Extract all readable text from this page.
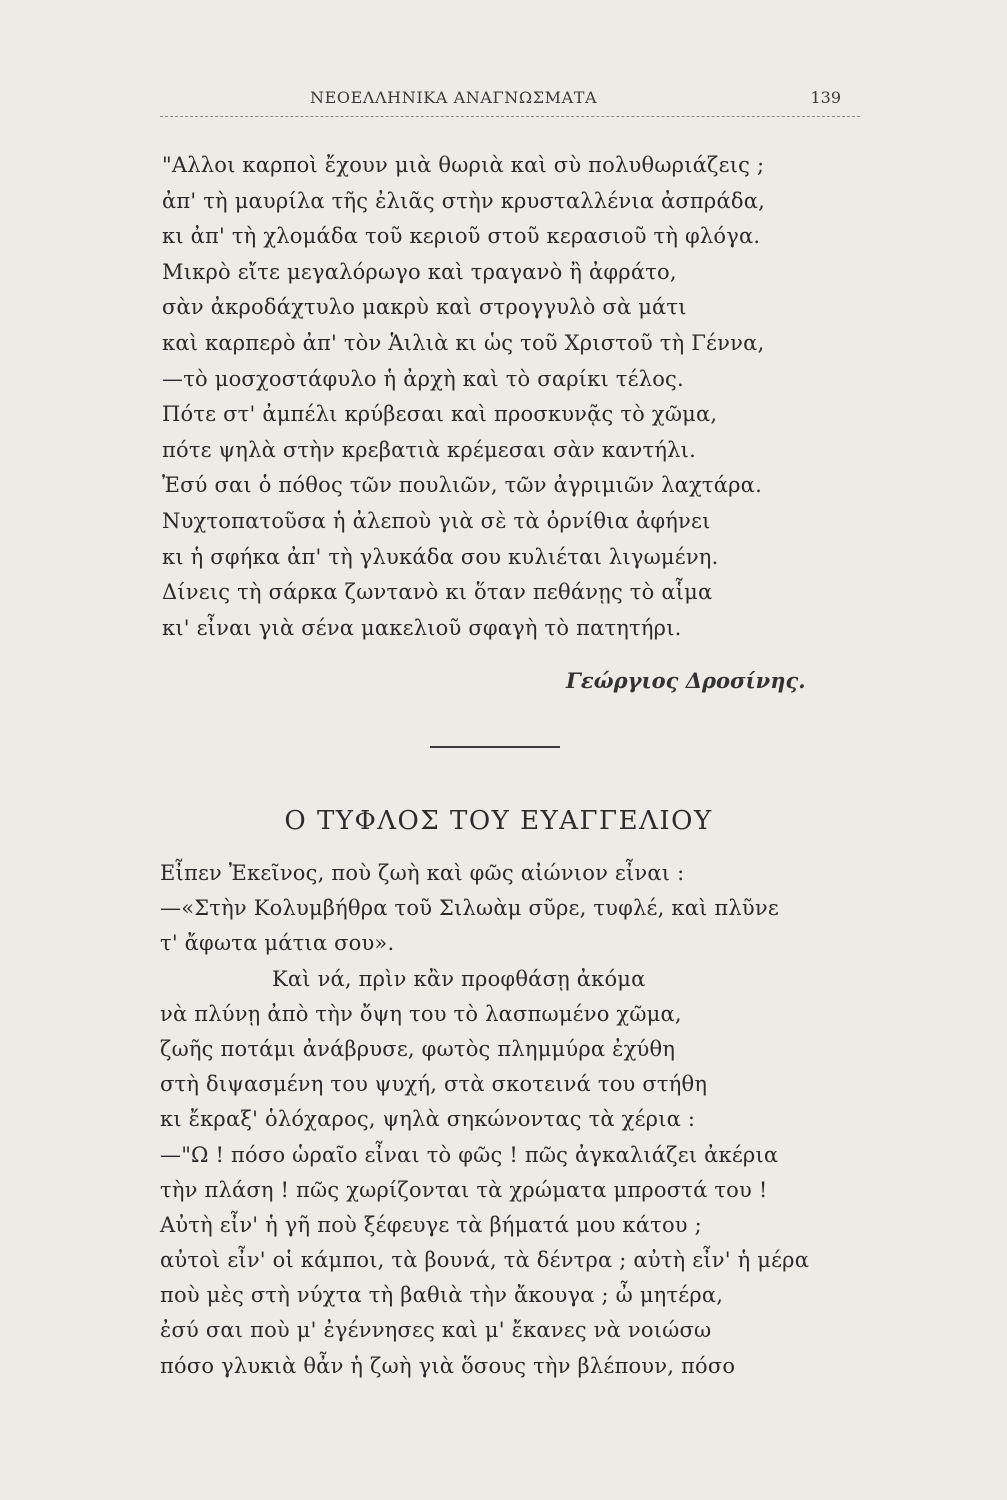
ΝΕΟΕΛΛΗΝΙΚΑ ΑΝΑΓΝΩΣΜΑΤΑ	139
"Αλλοι καρποὶ ἔχουν μιὰ θωριὰ καὶ σὺ πολυθωριάζεις ;
ἀπ' τὴ μαυρίλα τῆς ἐλιᾶς στὴν κρυσταλλένια ἀσπράδα,
κι ἀπ' τὴ χλομάδα τοῦ κεριοῦ στοῦ κερασιοῦ τὴ φλόγα.
Μικρὸ εἴτε μεγαλόρωγο καὶ τραγανὸ ἢ ἀφράτο,
σὰν ἀκροδάχτυλο μακρὺ καὶ στρογγυλὸ σὰ μάτι
καὶ καρπερὸ ἀπ' τὸν Ἁιλιὰ κι ὡς τοῦ Χριστοῦ τὴ Γέννα,
—τὸ μοσχοστάφυλο ἡ ἀρχὴ καὶ τὸ σαρίκι τέλος.
Πότε στ' ἀμπέλι κρύβεσαι καὶ προσκυνᾷς τὸ χῶμα,
πότε ψηλὰ στὴν κρεβατιὰ κρέμεσαι σὰν καντήλι.
Ἐσύ σαι ὁ πόθος τῶν πουλιῶν, τῶν ἀγριμιῶν λαχτάρα.
Νυχτοπατοῦσα ἡ ἀλεποὺ γιὰ σὲ τὰ ὀρνίθια ἀφήνει
κι ἡ σφήκα ἀπ' τὴ γλυκάδα σου κυλιέται λιγωμένη.
Δίνεις τὴ σάρκα ζωντανὸ κι ὅταν πεθάνῃς τὸ αἷμα
κι' εἶναι γιὰ σένα μακελιοῦ σφαγὴ τὸ πατητήρι.
Γεώργιος Δροσίνης.
Ο ΤΥΦΛΟΣ ΤΟΥ ΕΥΑΓΓΕΛΙΟΥ
Εἶπεν Ἐκεῖνος, ποὺ ζωὴ καὶ φῶς αἰώνιον εἶναι :
—«Στὴν Κολυμβήθρα τοῦ Σιλωὰμ σῦρε, τυφλέ, καὶ πλῦνε
τ' ἄφωτα μάτια σου».
Καὶ νά, πρὶν κἂν προφθάσῃ ἀκόμα
νὰ πλύνῃ ἀπὸ τὴν ὄψη του τὸ λασπωμένο χῶμα,
ζωῆς ποτάμι ἀνάβρυσε, φωτὸς πλημμύρα ἐχύθη
στὴ διψασμένη του ψυχή, στὰ σκοτεινά του στήθη
κι ἔκραξ' ὁλόχαρος, ψηλὰ σηκώνοντας τὰ χέρια :
—"Ω ! πόσο ὡραῖο εἶναι τὸ φῶς ! πῶς ἀγκαλιάζει ἀκέρια
τὴν πλάση ! πῶς χωρίζονται τὰ χρώματα μπροστά του !
Αὐτὴ εἶν' ἡ γῆ ποὺ ξέφευγε τὰ βήματά μου κάτου ;
αὐτοὶ εἶν' οἱ κάμποι, τὰ βουνά, τὰ δέντρα ; αὐτὴ εἶν' ἡ μέρα
ποὺ μὲς στὴ νύχτα τὴ βαθιὰ τὴν ἄκουγα ; ὦ μητέρα,
ἐσύ σαι ποὺ μ' ἐγέννησες καὶ μ' ἔκανες νὰ νοιώσω
πόσο γλυκιὰ θἆν ἡ ζωὴ γιὰ ὅσους τὴν βλέπουν, πόσο
